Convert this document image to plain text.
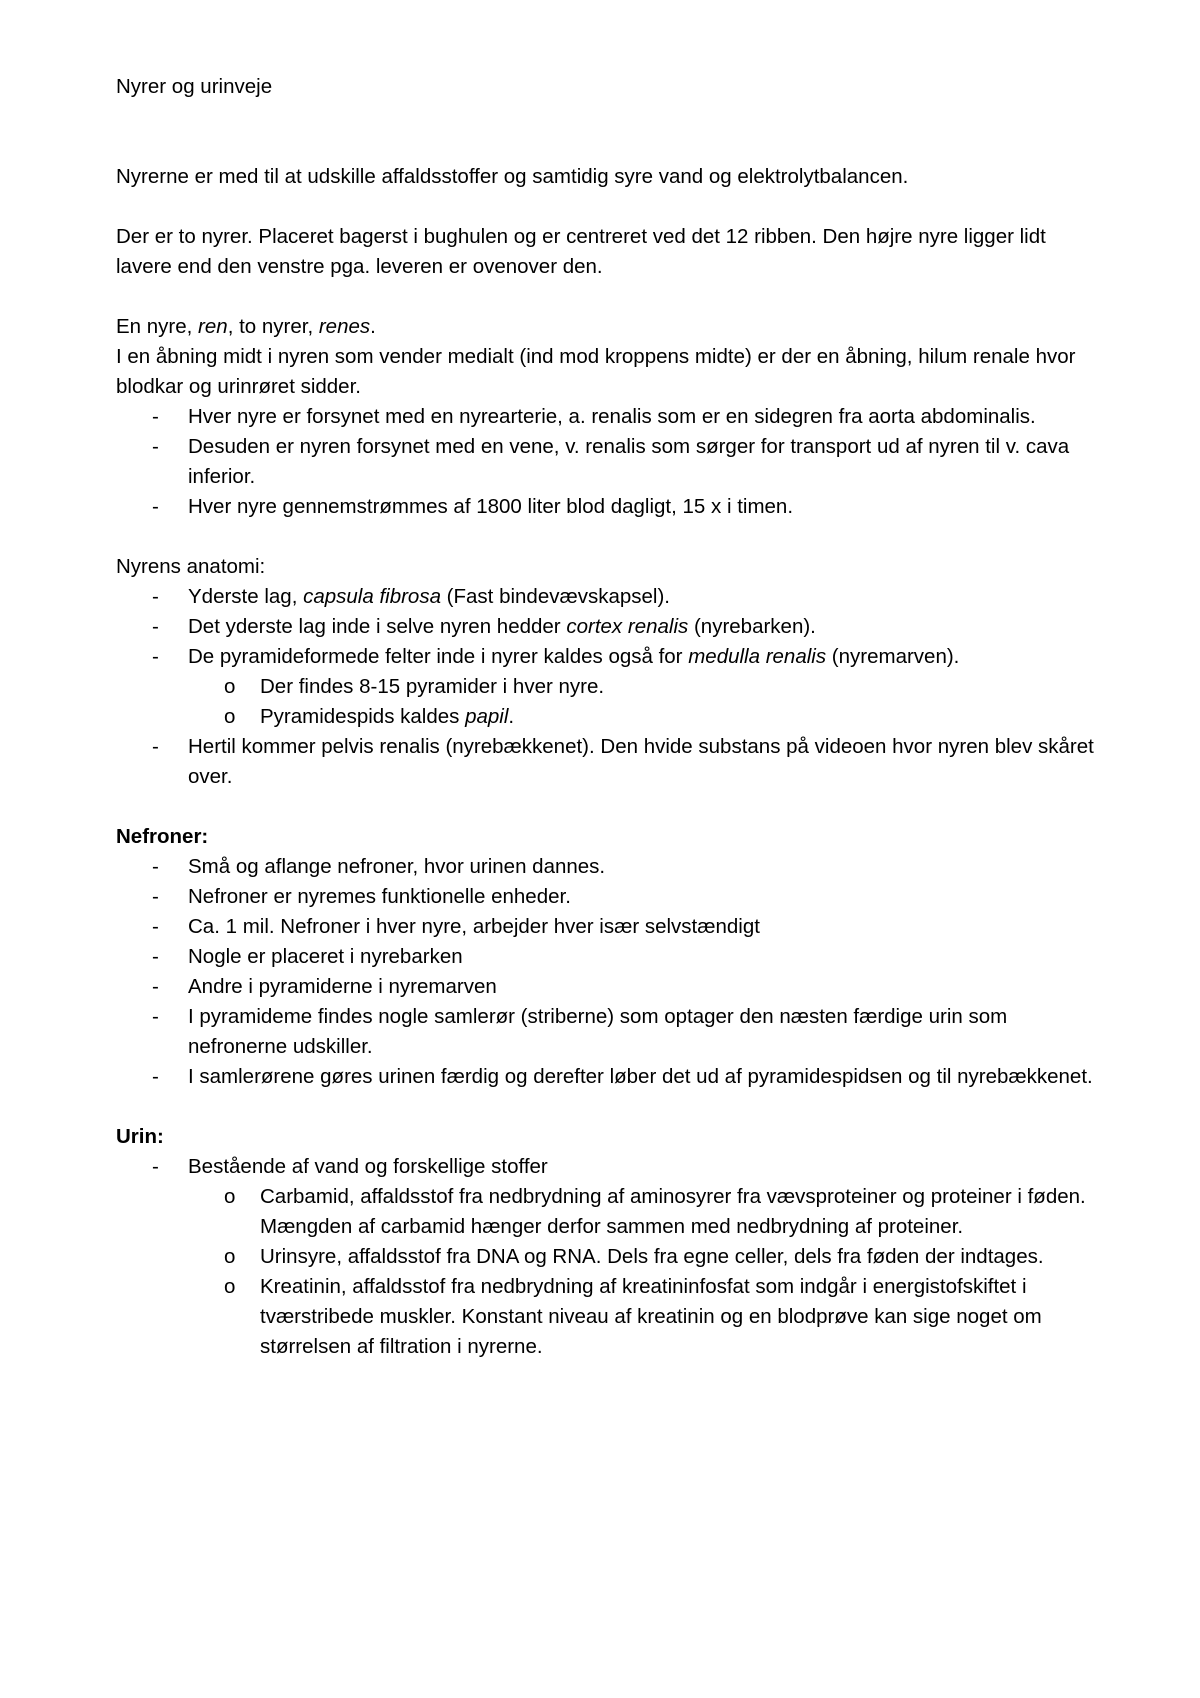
Nyrer og urinveje

Nyrerne er med til at udskille affaldsstoffer og samtidig syre vand og elektrolytbalancen.

Der er to nyrer. Placeret bagerst i bughulen og er centreret ved det 12 ribben. Den højre nyre ligger lidt lavere end den venstre pga. leveren er ovenover den.

En nyre, ren, to nyrer, renes.

I en åbning midt i nyren som vender medialt (ind mod kroppens midte) er der en åbning, hilum renale hvor blodkar og urinrøret sidder.

- Hver nyre er forsynet med en nyrearterie, a. renalis som er en sidegren fra aorta abdominalis.
- Desuden er nyren forsynet med en vene, v. renalis som sørger for transport ud af nyren til v. cava inferior.
- Hver nyre gennemstrømmes af 1800 liter blod dagligt, 15 x i timen.

Nyrens anatomi:

- Yderste lag, capsula fibrosa (Fast bindevævskapsel).
- Det yderste lag inde i selve nyren hedder cortex renalis (nyrebarken).
- De pyramideformede felter inde i nyrer kaldes også for medulla renalis (nyremarven).
o Der findes 8-15 pyramider i hver nyre.
o Pyramidespids kaldes papil.
- Hertil kommer pelvis renalis (nyrebækkenet). Den hvide substans på videoen hvor nyren blev skåret over.

Nefroner:

- Små og aflange nefroner, hvor urinen dannes.
- Nefroner er nyremes funktionelle enheder.
- Ca. 1 mil. Nefroner i hver nyre, arbejder hver især selvstændigt
- Nogle er placeret i nyrebarken
- Andre i pyramiderne i nyremarven
- I pyramideme findes nogle samlerør (striberne) som optager den næsten færdige urin som nefronerne udskiller.
- I samlerørene gøres urinen færdig og derefter løber det ud af pyramidespidsen og til nyrebækkenet.

Urin:

- Bestående af vand og forskellige stoffer
o Carbamid, affaldsstof fra nedbrydning af aminosyrer fra vævsproteiner og proteiner i føden. Mængden af carbamid hænger derfor sammen med nedbrydning af proteiner.
o Urinsyre, affaldsstof fra DNA og RNA. Dels fra egne celler, dels fra føden der indtages.
o Kreatinin, affaldsstof fra nedbrydning af kreatininfosfat som indgår i energistofskiftet i tværstribede muskler. Konstant niveau af kreatinin og en blodprøve kan sige noget om størrelsen af filtration i nyrerne.
